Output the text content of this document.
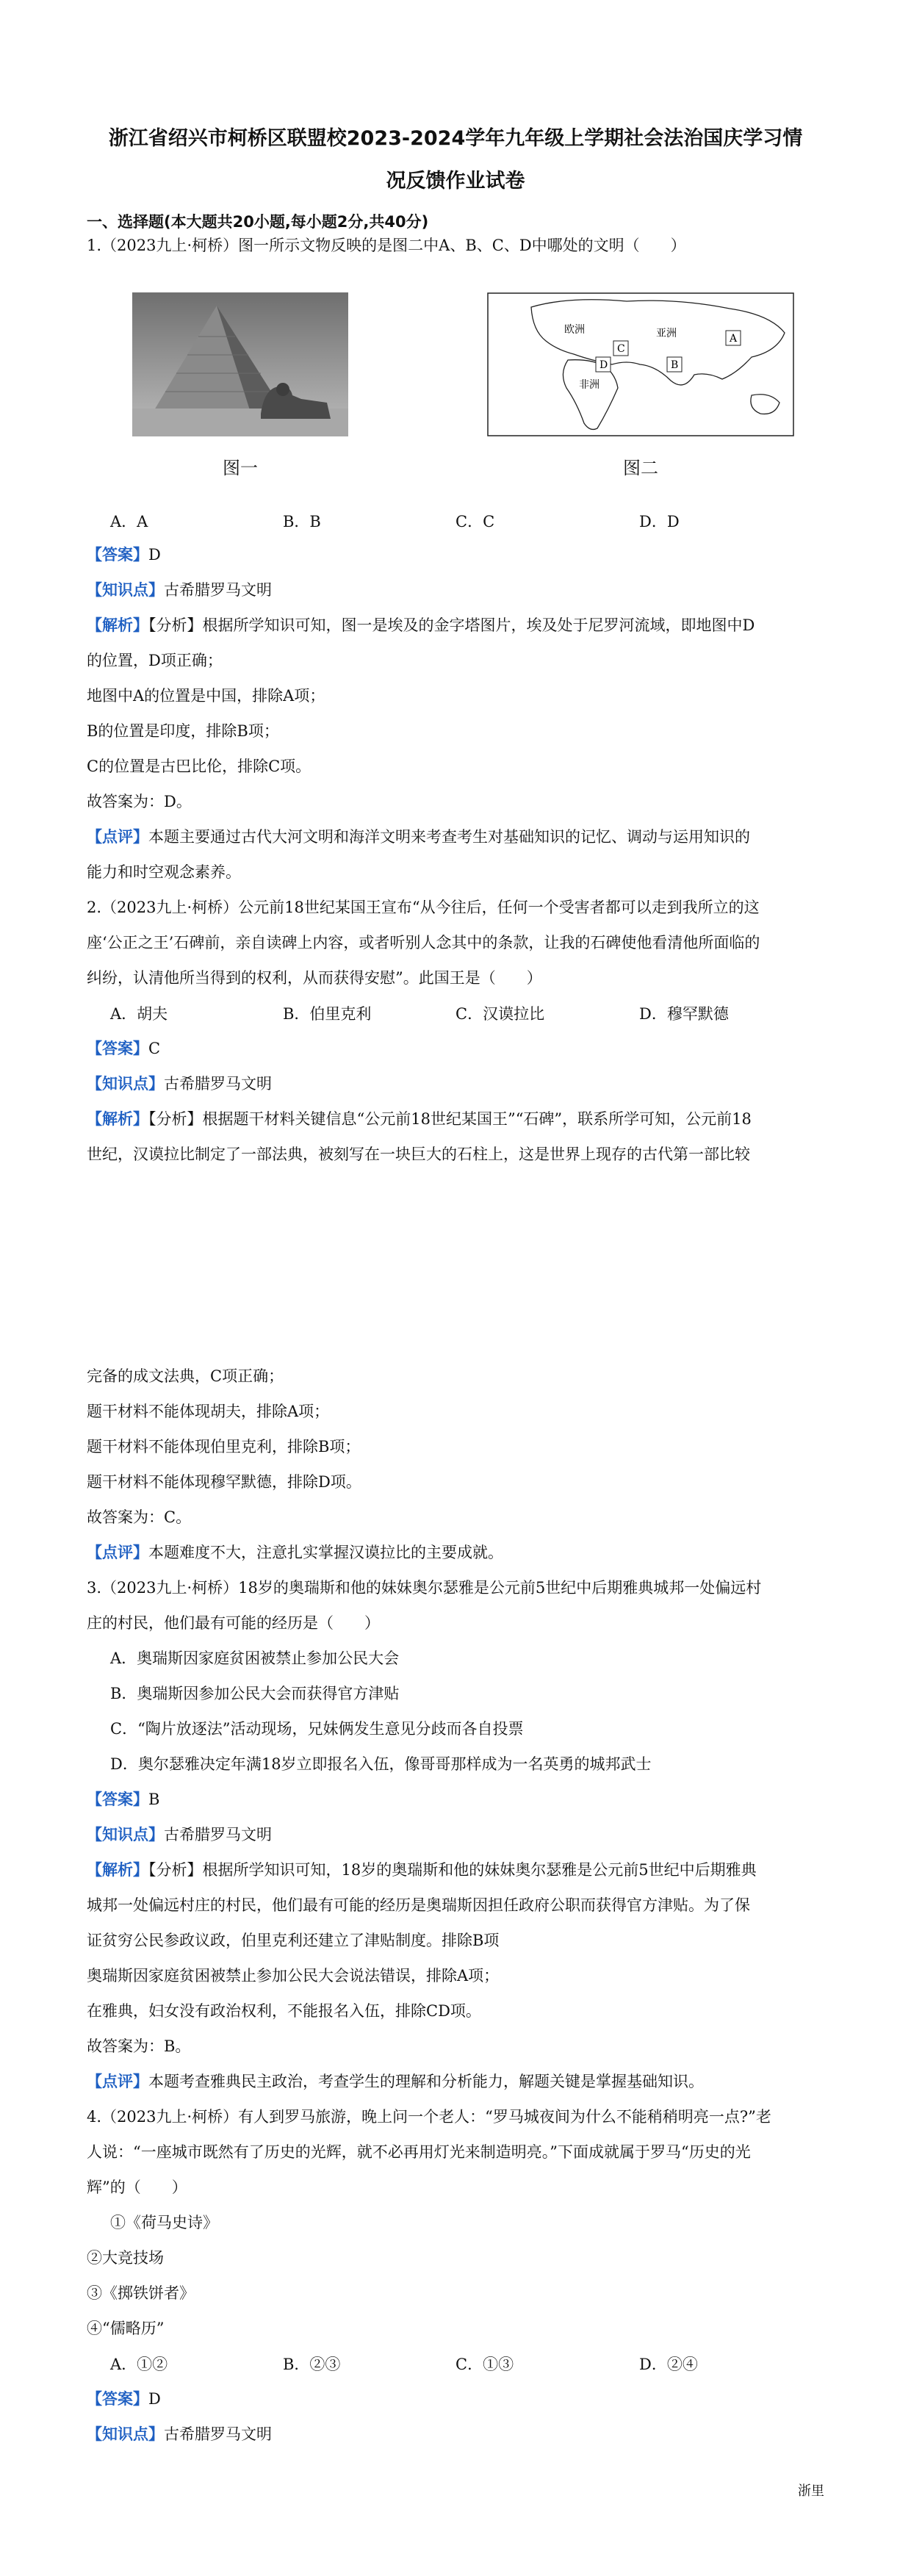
浙江省绍兴市柯桥区联盟校2023-2024学年九年级上学期社会法治国庆学习情
况反馈作业试卷
一、选择题(本大题共20小题,每小题2分,共40分)
1.（2023九上·柯桥）图一所示文物反映的是图二中A、B、C、D中哪处的文明（　　）
图一
欧洲	亚洲
非洲
A
B
C
D
图二
A．A	B．B	C．C	D．D
【答案】D
【知识点】古希腊罗马文明
【解析】【分析】根据所学知识可知，图一是埃及的金字塔图片，埃及处于尼罗河流域，即地图中D
的位置，D项正确；
地图中A的位置是中国，排除A项；
B的位置是印度，排除B项；
C的位置是古巴比伦，排除C项。
故答案为：D。
【点评】本题主要通过古代大河文明和海洋文明来考查考生对基础知识的记忆、调动与运用知识的
能力和时空观念素养。
2.（2023九上·柯桥）公元前18世纪某国王宣布“从今往后，任何一个受害者都可以走到我所立的这
座‘公正之王’石碑前，亲自读碑上内容，或者听别人念其中的条款，让我的石碑使他看清他所面临的
纠纷，认清他所当得到的权利，从而获得安慰”。此国王是（　　）
A．胡夫	B．伯里克利	C．汉谟拉比	D．穆罕默德
【答案】C
【知识点】古希腊罗马文明
【解析】【分析】根据题干材料关键信息“公元前18世纪某国王”“石碑”，联系所学可知，公元前18
世纪，汉谟拉比制定了一部法典，被刻写在一块巨大的石柱上，这是世界上现存的古代第一部比较
完备的成文法典，C项正确；
题干材料不能体现胡夫，排除A项；
题干材料不能体现伯里克利，排除B项；
题干材料不能体现穆罕默德，排除D项。
故答案为：C。
【点评】本题难度不大，注意扎实掌握汉谟拉比的主要成就。
3.（2023九上·柯桥）18岁的奥瑞斯和他的妹妹奥尔瑟雅是公元前5世纪中后期雅典城邦一处偏远村
庄的村民，他们最有可能的经历是（　　）
A．奥瑞斯因家庭贫困被禁止参加公民大会
B．奥瑞斯因参加公民大会而获得官方津贴
C．“陶片放逐法”活动现场，兄妹俩发生意见分歧而各自投票
D．奥尔瑟雅决定年满18岁立即报名入伍，像哥哥那样成为一名英勇的城邦武士
【答案】B
【知识点】古希腊罗马文明
【解析】【分析】根据所学知识可知，18岁的奥瑞斯和他的妹妹奥尔瑟雅是公元前5世纪中后期雅典
城邦一处偏远村庄的村民，他们最有可能的经历是奥瑞斯因担任政府公职而获得官方津贴。为了保
证贫穷公民参政议政，伯里克利还建立了津贴制度。排除B项
奥瑞斯因家庭贫困被禁止参加公民大会说法错误，排除A项；
在雅典，妇女没有政治权利，不能报名入伍，排除CD项。
故答案为：B。
【点评】本题考查雅典民主政治，考查学生的理解和分析能力，解题关键是掌握基础知识。
4.（2023九上·柯桥）有人到罗马旅游，晚上问一个老人：“罗马城夜间为什么不能稍稍明亮一点?”老
人说：“一座城市既然有了历史的光辉，就不必再用灯光来制造明亮。”下面成就属于罗马“历史的光
辉”的（　　）
①《荷马史诗》
②大竞技场
③《掷铁饼者》
④“儒略历”
A．①②	B．②③	C．①③	D．②④
【答案】D
【知识点】古希腊罗马文明
浙里
